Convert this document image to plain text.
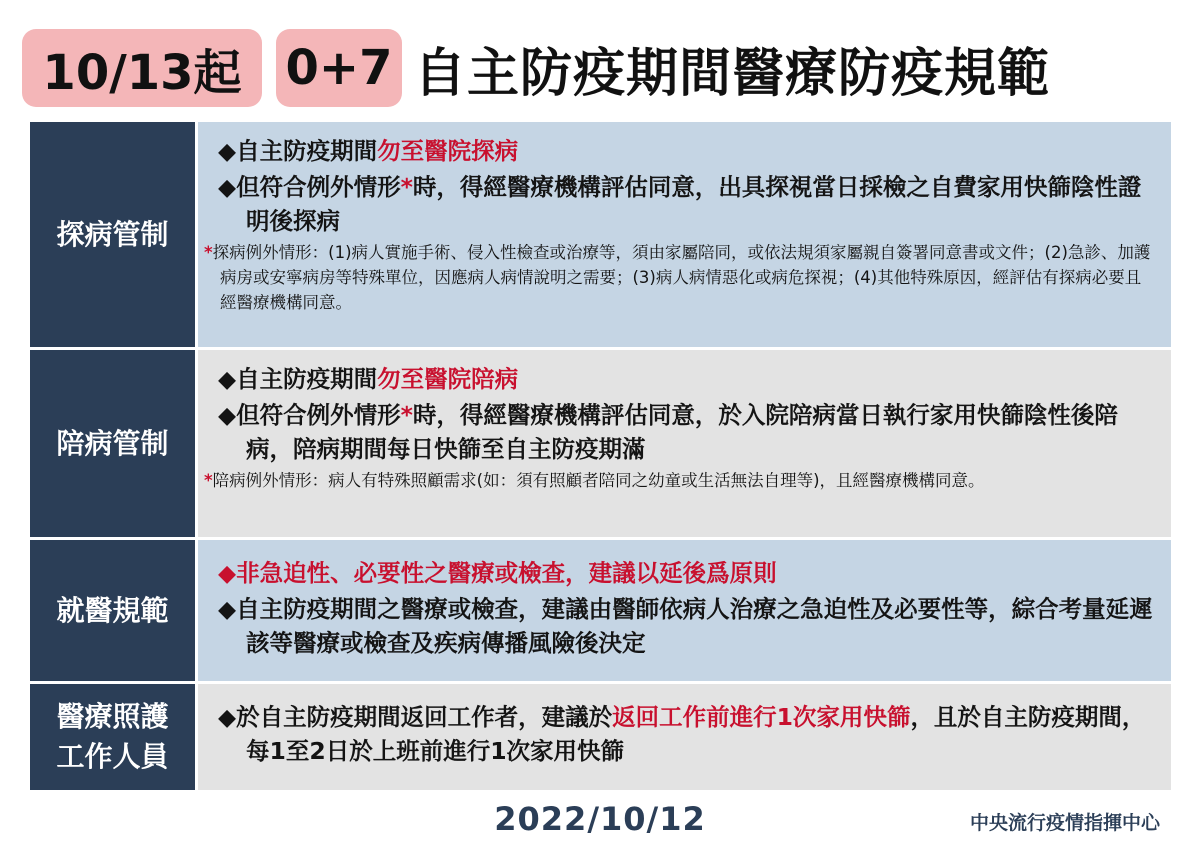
10/13起 0+7 自主防疫期間醫療防疫規範
探病管制
◆自主防疫期間勿至醫院探病
◆但符合例外情形*時，得經醫療機構評估同意，出具探視當日採檢之自費家用快篩陰性證明後探病
*探病例外情形：(1)病人實施手術、侵入性檢查或治療等，須由家屬陪同，或依法規須家屬親自簽署同意書或文件；(2)急診、加護病房或安寧病房等特殊單位，因應病人病情說明之需要；(3)病人病情惡化或病危探視；(4)其他特殊原因，經評估有探病必要且經醫療機構同意。
陪病管制
◆自主防疫期間勿至醫院陪病
◆但符合例外情形*時，得經醫療機構評估同意，於入院陪病當日執行家用快篩陰性後陪病，陪病期間每日快篩至自主防疫期滿
*陪病例外情形：病人有特殊照顧需求(如：須有照顧者陪同之幼童或生活無法自理等)，且經醫療機構同意。
就醫規範
◆非急迫性、必要性之醫療或檢查，建議以延後爲原則
◆自主防疫期間之醫療或檢查，建議由醫師依病人治療之急迫性及必要性等，綜合考量延遲該等醫療或檢查及疾病傳播風險後決定
醫療照護
工作人員
◆於自主防疫期間返回工作者，建議於返回工作前進行1次家用快篩，且於自主防疫期間，每1至2日於上班前進行1次家用快篩
2022/10/12	中央流行疫情指揮中心
